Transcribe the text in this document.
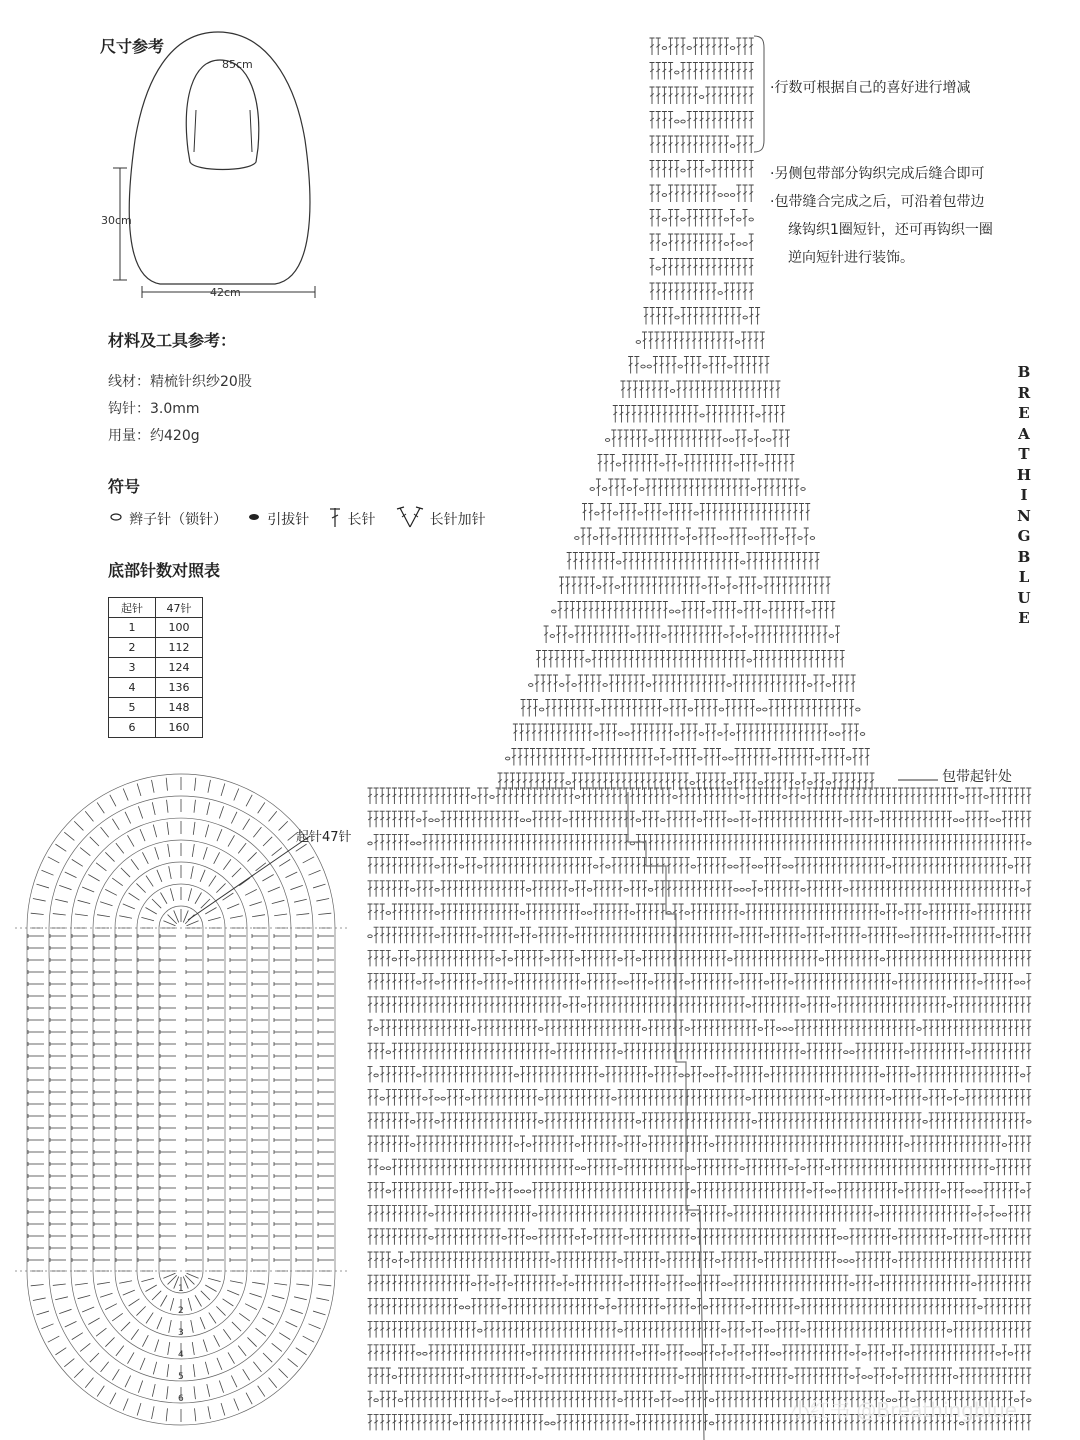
尺寸参考
85cm
30cm
42cm
材料及工具参考：
线材：精梳针织纱20股
钩针：3.0mm
用量：约420g
符号
辫子针（锁针）	引拔针	长针	长针加针
底部针数对照表
起针	47针
1	100
2	112
3	124
4	136
5	148
6	160
·行数可根据自己的喜好进行增减
·另侧包带部分钩织完成后缝合即可
·包带缝合完成之后，可沿着包带边
缘钩织1圈短针，还可再钩织一圈
逆向短针进行装饰。
B
R
E
A
T
H
I
N
G
B
L
U
E
包带起针处
1
2
3
4
5
6
起针47针
小红书 @Breathingblue
